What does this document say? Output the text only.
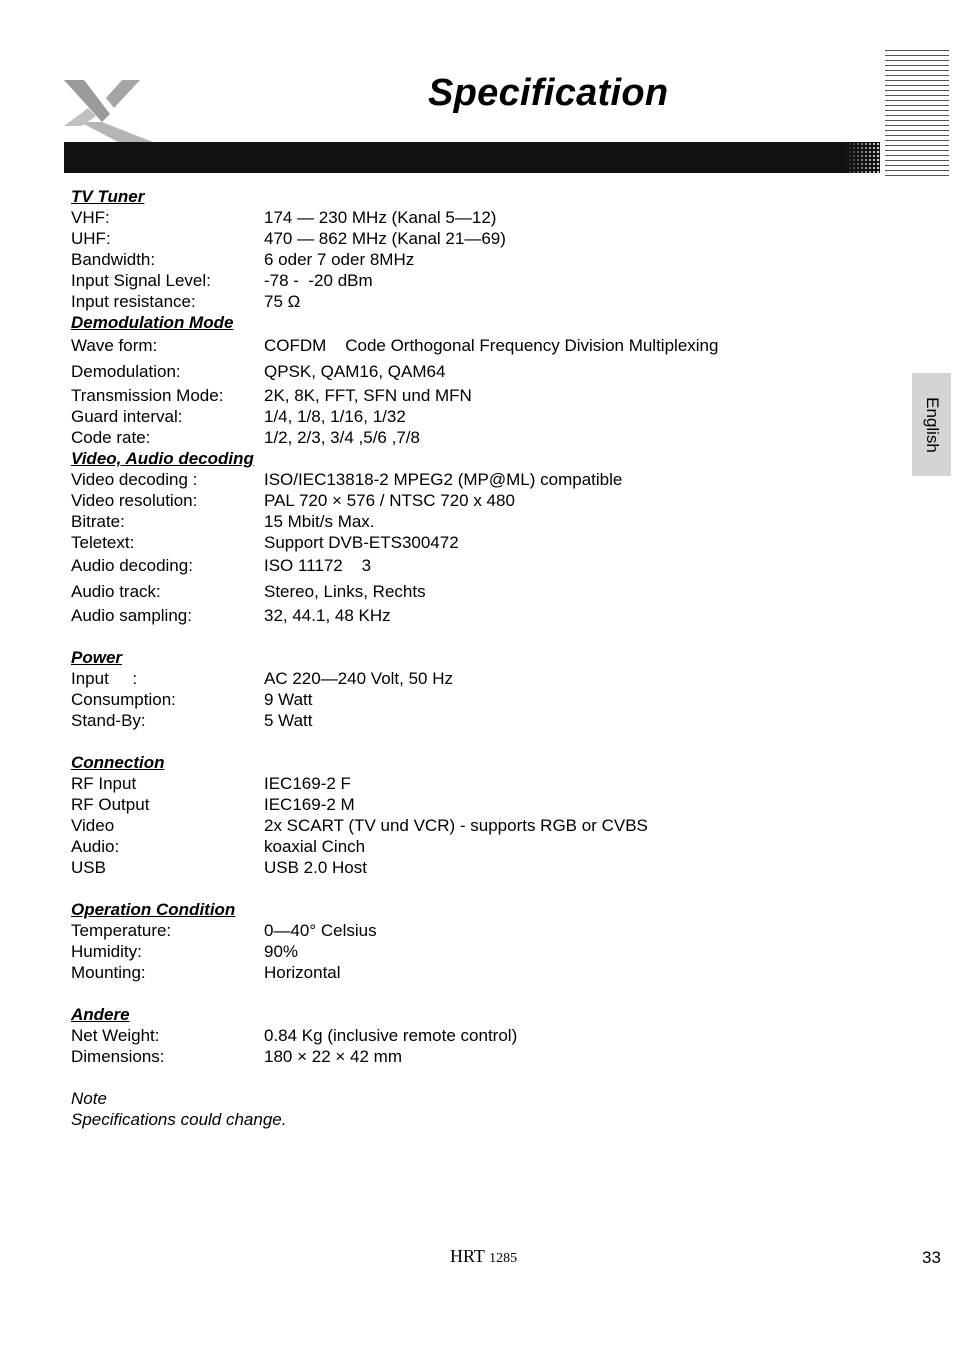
Specification
English
TV Tuner
VHF:	174 — 230 MHz (Kanal 5—12)
UHF:	470 — 862 MHz (Kanal 21—69)
Bandwidth:	6 oder 7 oder 8MHz
Input Signal Level:	-78 -  -20 dBm
Input resistance:	75 Ω
Demodulation Mode
Wave form:	COFDM    Code Orthogonal Frequency Division Multiplexing
Demodulation:	QPSK, QAM16, QAM64
Transmission Mode:	2K, 8K, FFT, SFN und MFN
Guard interval:	1/4, 1/8, 1/16, 1/32
Code rate:	1/2, 2/3, 3/4 ,5/6 ,7/8
Video, Audio decoding
Video decoding :	ISO/IEC13818-2 MPEG2 (MP@ML) compatible
Video resolution:	PAL 720 × 576 / NTSC 720 x 480
Bitrate:	15 Mbit/s Max.
Teletext:	Support DVB-ETS300472
Audio decoding:	ISO 11172    3
Audio track:	Stereo, Links, Rechts
Audio sampling:	32, 44.1, 48 KHz
Power
Input     :	AC 220—240 Volt, 50 Hz
Consumption:	9 Watt
Stand-By:	5 Watt
Connection
RF Input	IEC169-2 F
RF Output	IEC169-2 M
Video	2x SCART (TV und VCR) - supports RGB or CVBS
Audio:	koaxial Cinch
USB	USB 2.0 Host
Operation Condition
Temperature:	0—40° Celsius
Humidity:	90%
Mounting:	Horizontal
Andere
Net Weight:	0.84 Kg (inclusive remote control)
Dimensions:	180 × 22 × 42 mm
Note
Specifications could change.
HRT 1285	33
